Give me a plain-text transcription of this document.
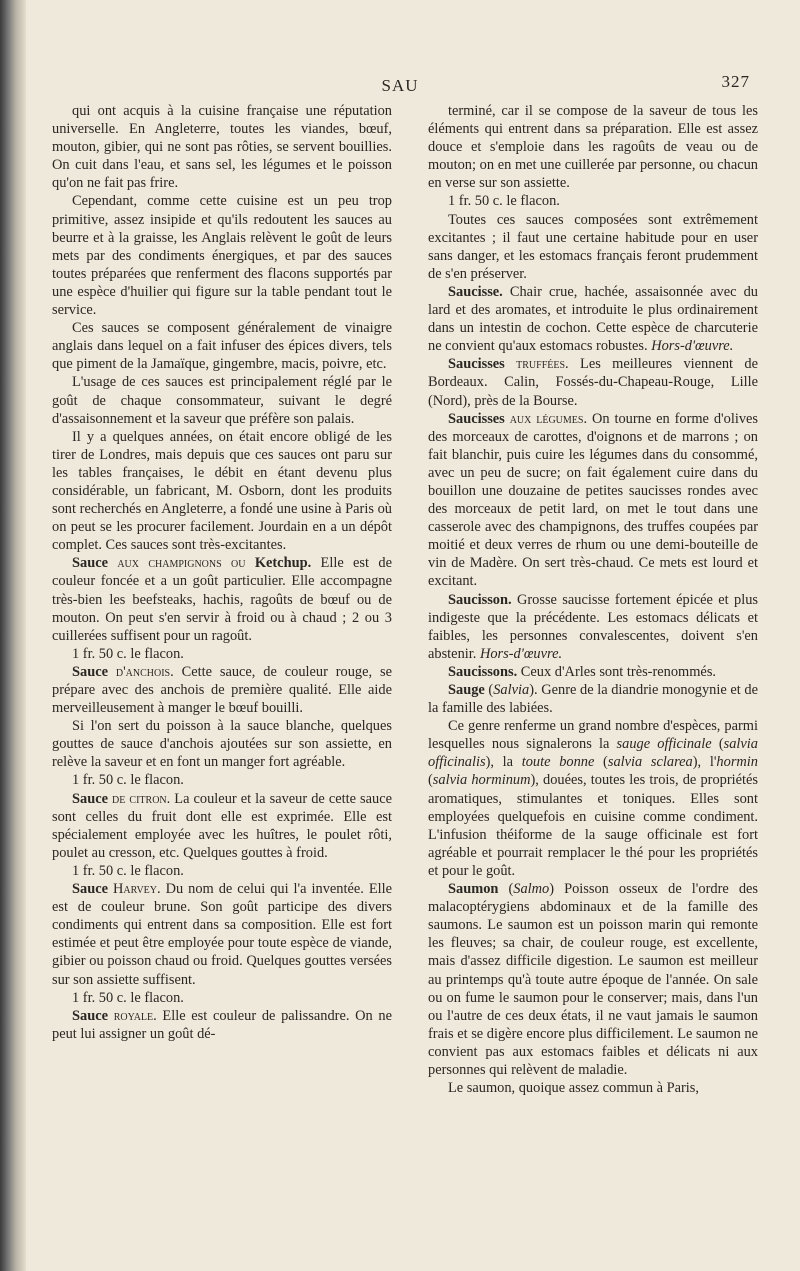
SAU	327

qui ont acquis à la cuisine française une réputation universelle. En Angleterre, toutes les viandes, bœuf, mouton, gibier, qui ne sont pas rôties, se servent bouillies. On cuit dans l'eau, et sans sel, les légumes et le poisson qu'on ne fait pas frire.

Cependant, comme cette cuisine est un peu trop primitive, assez insipide et qu'ils redoutent les sauces au beurre et à la graisse, les Anglais relèvent le goût de leurs mets par des condiments énergiques, et par des sauces toutes préparées que renferment des flacons supportés par une espèce d'huilier qui figure sur la table pendant tout le service.

Ces sauces se composent généralement de vinaigre anglais dans lequel on a fait infuser des épices divers, tels que piment de la Jamaïque, gingembre, macis, poivre, etc.

L'usage de ces sauces est principalement réglé par le goût de chaque consommateur, suivant le degré d'assaisonnement et la saveur que préfère son palais.

Il y a quelques années, on était encore obligé de les tirer de Londres, mais depuis que ces sauces ont paru sur les tables françaises, le débit en étant devenu plus considérable, un fabricant, M. Osborn, dont les produits sont recherchés en Angleterre, a fondé une usine à Paris où on peut se les procurer facilement. Jourdain en a un dépôt complet. Ces sauces sont très-excitantes.

Sauce aux champignons ou Ketchup. Elle est de couleur foncée et a un goût particulier. Elle accompagne très-bien les beefsteaks, hachis, ragoûts de bœuf ou de mouton. On peut s'en servir à froid ou à chaud ; 2 ou 3 cuillerées suffisent pour un ragoût.

1 fr. 50 c. le flacon.

Sauce d'anchois. Cette sauce, de couleur rouge, se prépare avec des anchois de première qualité. Elle aide merveilleusement à manger le bœuf bouilli.

Si l'on sert du poisson à la sauce blanche, quelques gouttes de sauce d'anchois ajoutées sur son assiette, en relève la saveur et en font un manger fort agréable.

1 fr. 50 c. le flacon.

Sauce de citron. La couleur et la saveur de cette sauce sont celles du fruit dont elle est exprimée. Elle est spécialement employée avec les huîtres, le poulet rôti, poulet au cresson, etc. Quelques gouttes à froid.

1 fr. 50 c. le flacon.

Sauce Harvey. Du nom de celui qui l'a inventée. Elle est de couleur brune. Son goût participe des divers condiments qui entrent dans sa composition. Elle est fort estimée et peut être employée pour toute espèce de viande, gibier ou poisson chaud ou froid. Quelques gouttes versées sur son assiette suffisent.

1 fr. 50 c. le flacon.

Sauce royale. Elle est couleur de palissandre. On ne peut lui assigner un goût dé-

terminé, car il se compose de la saveur de tous les éléments qui entrent dans sa préparation. Elle est assez douce et s'emploie dans les ragoûts de veau ou de mouton; on en met une cuillerée par personne, ou chacun en verse sur son assiette.

1 fr. 50 c. le flacon.

Toutes ces sauces composées sont extrêmement excitantes ; il faut une certaine habitude pour en user sans danger, et les estomacs français feront prudemment de s'en préserver.

Saucisse. Chair crue, hachée, assaisonnée avec du lard et des aromates, et introduite le plus ordinairement dans un intestin de cochon. Cette espèce de charcuterie ne convient qu'aux estomacs robustes. Hors-d'œuvre.

Saucisses truffées. Les meilleures viennent de Bordeaux. Calin, Fossés-du-Chapeau-Rouge, Lille (Nord), près de la Bourse.

Saucisses aux légumes. On tourne en forme d'olives des morceaux de carottes, d'oignons et de marrons ; on fait blanchir, puis cuire les légumes dans du consommé, avec un peu de sucre; on fait également cuire dans du bouillon une douzaine de petites saucisses rondes avec des morceaux de petit lard, on met le tout dans une casserole avec des champignons, des truffes coupées par moitié et deux verres de rhum ou une demi-bouteille de vin de Madère. On sert très-chaud. Ce mets est lourd et excitant.

Saucisson. Grosse saucisse fortement épicée et plus indigeste que la précédente. Les estomacs délicats et faibles, les personnes convalescentes, doivent s'en abstenir. Hors-d'œuvre.

Saucissons. Ceux d'Arles sont très-renommés.

Sauge (Salvia). Genre de la diandrie monogynie et de la famille des labiées.

Ce genre renferme un grand nombre d'espèces, parmi lesquelles nous signalerons la sauge officinale (salvia officinalis), la toute bonne (salvia sclarea), l'hormin (salvia horminum), douées, toutes les trois, de propriétés aromatiques, stimulantes et toniques. Elles sont employées quelquefois en cuisine comme condiment. L'infusion théiforme de la sauge officinale est fort agréable et pourrait remplacer le thé pour les propriétés et pour le goût.

Saumon (Salmo) Poisson osseux de l'ordre des malacoptérygiens abdominaux et de la famille des saumons. Le saumon est un poisson marin qui remonte les fleuves; sa chair, de couleur rouge, est excellente, mais d'assez difficile digestion. Le saumon est meilleur au printemps qu'à toute autre époque de l'année. On sale ou on fume le saumon pour le conserver; mais, dans l'un ou l'autre de ces deux états, il ne vaut jamais le saumon frais et se digère encore plus difficilement. Le saumon ne convient pas aux estomacs faibles et délicats ni aux personnes qui relèvent de maladie.

Le saumon, quoique assez commun à Paris,
